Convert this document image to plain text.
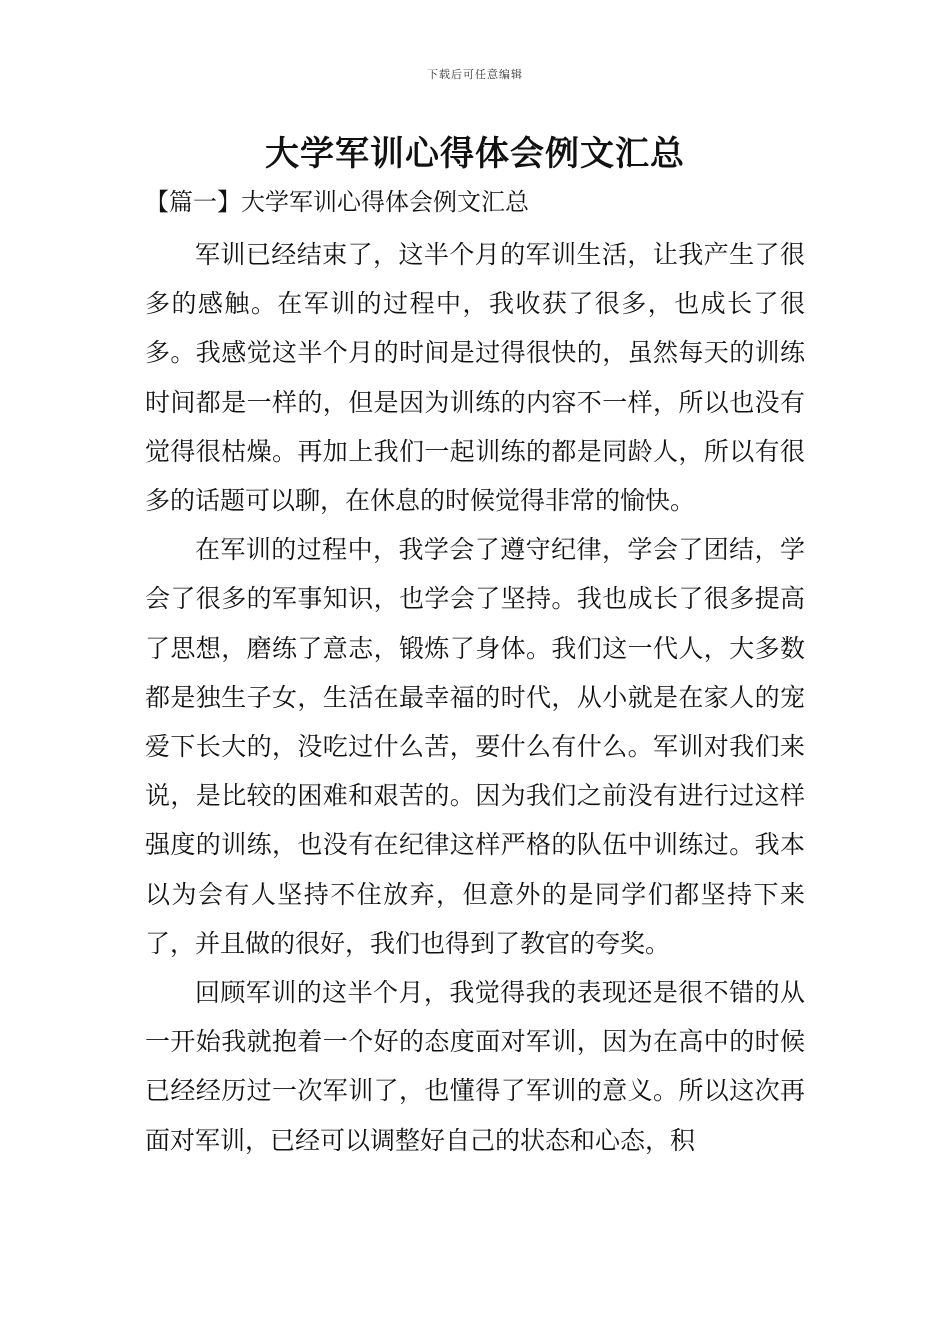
下载后可任意编辑
大学军训心得体会例文汇总
【篇一】大学军训心得体会例文汇总

军训已经结束了，这半个月的军训生活，让我产生了很多的感触。在军训的过程中，我收获了很多，也成长了很多。我感觉这半个月的时间是过得很快的，虽然每天的训练时间都是一样的，但是因为训练的内容不一样，所以也没有觉得很枯燥。再加上我们一起训练的都是同龄人，所以有很多的话题可以聊，在休息的时候觉得非常的愉快。

在军训的过程中，我学会了遵守纪律，学会了团结，学会了很多的军事知识，也学会了坚持。我也成长了很多提高了思想，磨练了意志，锻炼了身体。我们这一代人，大多数都是独生子女，生活在最幸福的时代，从小就是在家人的宠爱下长大的，没吃过什么苦，要什么有什么。军训对我们来说，是比较的困难和艰苦的。因为我们之前没有进行过这样强度的训练，也没有在纪律这样严格的队伍中训练过。我本以为会有人坚持不住放弃，但意外的是同学们都坚持下来了，并且做的很好，我们也得到了教官的夸奖。

回顾军训的这半个月，我觉得我的表现还是很不错的从一开始我就抱着一个好的态度面对军训，因为在高中的时候已经经历过一次军训了，也懂得了军训的意义。所以这次再面对军训，已经可以调整好自己的状态和心态，积
